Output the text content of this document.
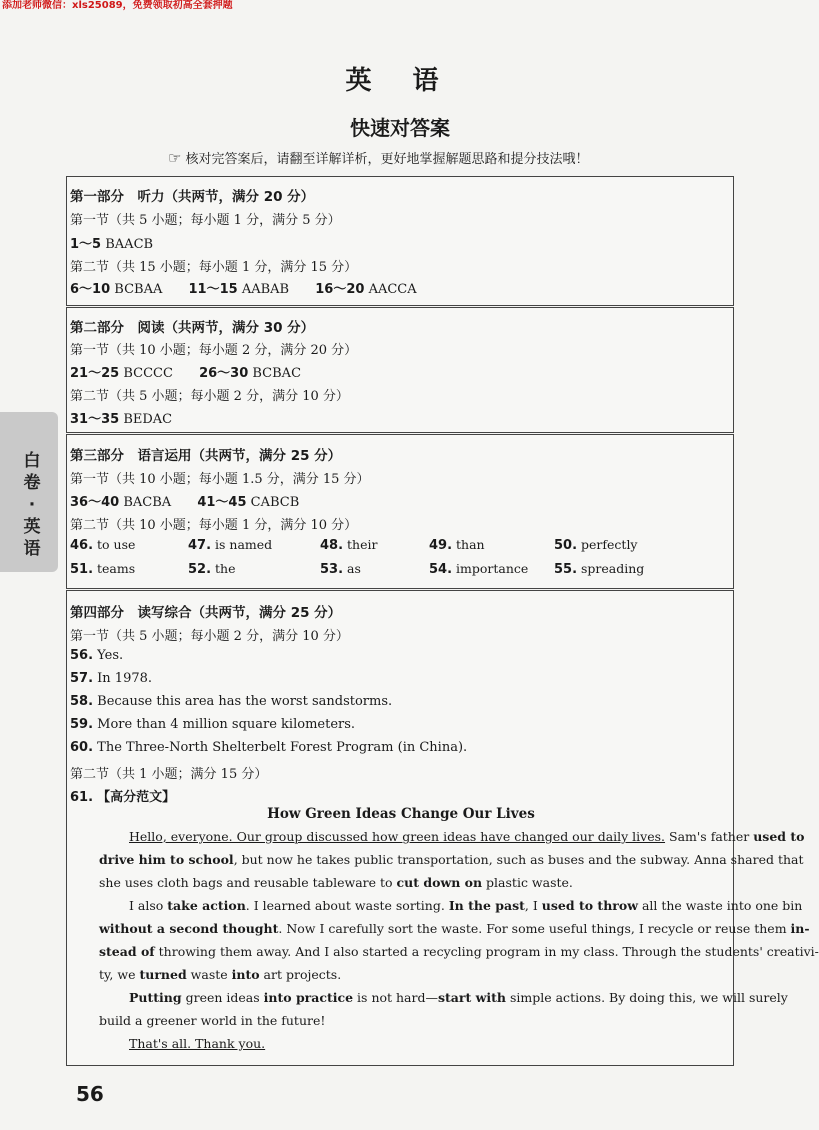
添加老师微信：xls25089，免费领取初高全套押题
英 语
快速对答案
☞ 核对完答案后，请翻至详解详析，更好地掌握解题思路和提分技法哦！
白卷·英语
第一部分　听力（共两节，满分 20 分）
第一节（共 5 小题；每小题 1 分，满分 5 分）
1～5 BAACB
第二节（共 15 小题；每小题 1 分，满分 15 分）
6～10 BCBAA 11～15 AABAB 16～20 AACCA
第二部分　阅读（共两节，满分 30 分）
第一节（共 10 小题；每小题 2 分，满分 20 分）
21～25 BCCCC 26～30 BCBAC
第二节（共 5 小题；每小题 2 分，满分 10 分）
31～35 BEDAC
第三部分　语言运用（共两节，满分 25 分）
第一节（共 10 小题；每小题 1.5 分，满分 15 分）
36～40 BACBA 41～45 CABCB
第二节（共 10 小题；每小题 1 分，满分 10 分）
46. to use	47. is named	48. their	49. than	50. perfectly
51. teams	52. the	53. as	54. importance 55. spreading
第四部分　读写综合（共两节，满分 25 分）
第一节（共 5 小题；每小题 2 分，满分 10 分）
56. Yes.
57. In 1978.
58. Because this area has the worst sandstorms.
59. More than 4 million square kilometers.
60. The Three-North Shelterbelt Forest Program (in China).
第二节（共 1 小题；满分 15 分）
61. 【高分范文】
How Green Ideas Change Our Lives
Hello, everyone. Our group discussed how green ideas have changed our daily lives. Sam's father used to
drive him to school, but now he takes public transportation, such as buses and the subway. Anna shared that
she uses cloth bags and reusable tableware to cut down on plastic waste.
I also take action. I learned about waste sorting. In the past, I used to throw all the waste into one bin
without a second thought. Now I carefully sort the waste. For some useful things, I recycle or reuse them in-
stead of throwing them away. And I also started a recycling program in my class. Through the students' creativi-
ty, we turned waste into art projects.
Putting green ideas into practice is not hard—start with simple actions. By doing this, we will surely
build a greener world in the future!
That's all. Thank you.
56
